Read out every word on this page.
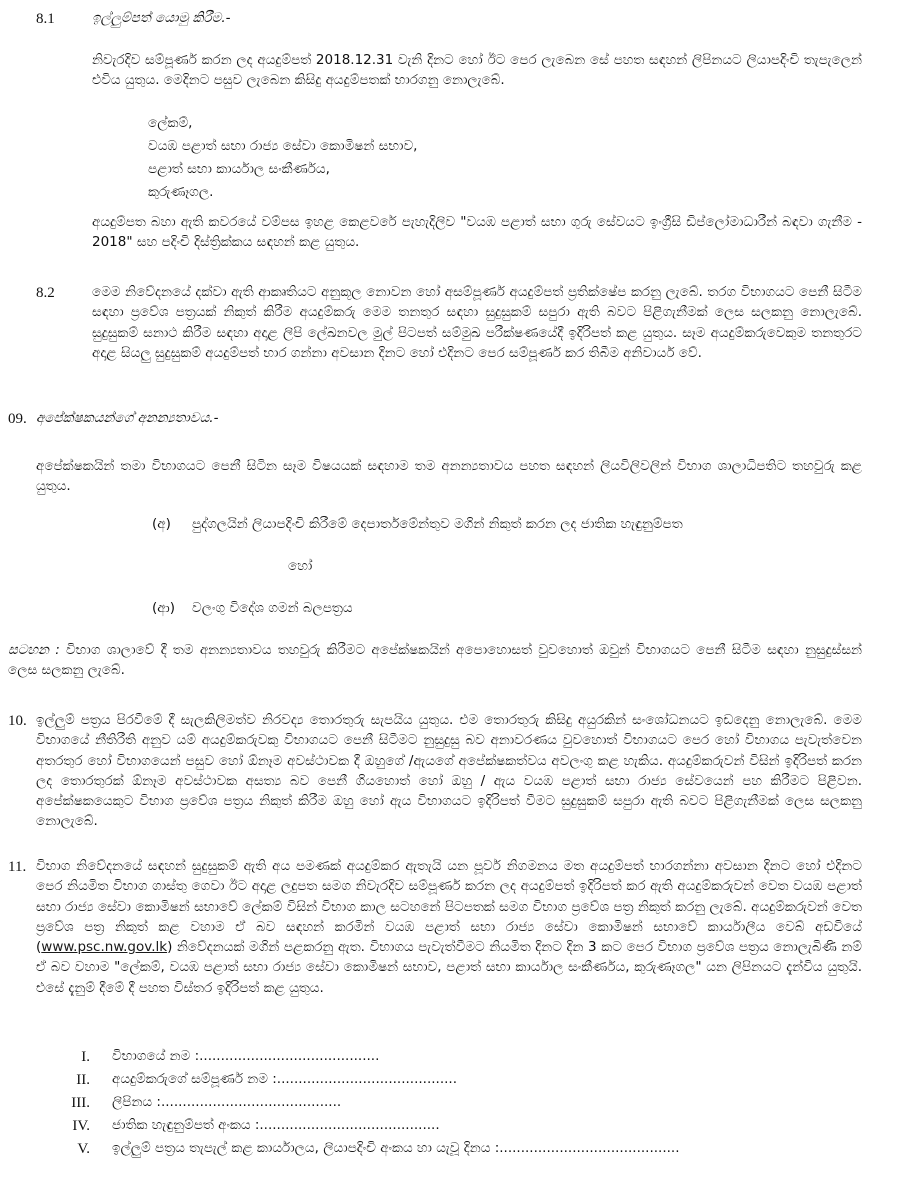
8.1	ඉල්ලුම්පත් යොමු කිරීම.-
නිවැරදිව සම්පූර්ණ කරන ලද අයදුම්පත් 2018.12.31 වැනි දිනට හෝ ඊට පෙර ලැබෙන සේ පහත සඳහන් ලිපිනයට ලියාපදිංචි තැපැලෙන් එවිය යුතුය. මෙදිනට පසුව ලැබෙන කිසිදු අයදුම්පතක් භාරගනු නොලැබේ.
ලේකම්,
වයඹ පළාත් සභා රාජ්‍ය සේවා කොමිෂන් සභාව,
පළාත් සභා කාර්යාල සංකීර්ණය,
කුරුණෑගල.
අයදුම්පත බහා ඇති කවරයේ වම්පස ඉහළ කෙළවරේ පැහැදිලිව "වයඹ පළාත් සභා ගුරු සේවයට ඉංග්‍රීසි ඩිප්ලෝමාධාරීන් බඳවා ගැනීම - 2018" සහ පදිංචි දිස්ත්‍රික්කය සඳහන් කළ යුතුය.
8.2	මෙම නිවේදනයේ දක්වා ඇති ආකෘතියට අනුකූල නොවන හෝ අසම්පූර්ණ අයදුම්පත් ප්‍රතික්ෂේප කරනු ලැබේ. තරග විභාගයට පෙනී සිටීම සඳහා ප්‍රවේශ පත්‍රයක් නිකුත් කිරීම අයදුම්කරු මෙම තනතුර සඳහා සුදුසුකම් සපුරා ඇති බවට පිළිගැනීමක් ලෙස සලකනු නොලැබේ. සුදුසුකම් සනාථ කිරීම සඳහා අදාළ ලිපි ලේඛනවල මුල් පිටපත් සම්මුඛ පරීක්ෂණයේදී ඉදිරිපත් කළ යුතුය. සෑම අයදුම්කරුවෙකුම තනතුරට අදාළ සියලු සුදුසුකම් අයදුම්පත් භාර ගන්නා අවසාන දිනට හෝ එදිනට පෙර සම්පූර්ණ කර තිබීම අනිවාර්ය වේ.
09. අපේක්ෂකයන්ගේ අනන්‍යතාවය.-
අපේක්ෂකයින් තමා විභාගයට පෙනී සිටින සෑම විෂයයක් සඳහාම තම අනන්‍යතාවය පහත සඳහන් ලියවිලිවලින් විභාග ශාලාධිපතිට තහවුරු කළ යුතුය.
(අ) පුද්ගලයින් ලියාපදිංචි කිරීමේ දෙපාර්තමේන්තුව මගින් නිකුත් කරන ලද ජාතික හැඳුනුම්පත
හෝ
(ආ) වලංගු විදේශ ගමන් බලපත්‍රය
සටහන : විභාග ශාලාවේ දී තම අනන්‍යතාවය තහවුරු කිරීමට අපේක්ෂකයින් අපොහොසත් වුවහොත් ඔවුන් විභාගයට පෙනී සිටීම සඳහා නුසුදුස්සන් ලෙස සලකනු ලැබේ.
10. ඉල්ලුම් පත්‍රය පිරවීමේ දී සැලකිලිමත්ව නිරවද්‍ය තොරතුරු සැපයිය යුතුය. එම තොරතුරු කිසිදු අයුරකින් සංශෝධනයට ඉඩදෙනු නොලැබේ. මෙම විභාගයේ නීතිරීති අනුව යම් අයදුම්කරුවකු විභාගයට පෙනී සිටීමට නුසුදුසු බව අනාවරණය වුවහොත් විභාගයට පෙර හෝ විභාගය පැවැත්වෙන අතරතුර හෝ විභාගයෙන් පසුව හෝ ඕනෑම අවස්ථාවක දී ඔහුගේ /ඇයගේ අපේක්ෂකත්වය අවලංගු කළ හැකිය. අයදුම්කරුවන් විසින් ඉදිරිපත් කරන ලද තොරතුරක් ඕනෑම අවස්ථාවක අසත්‍ය බව පෙනී ගියහොත් හෝ ඔහු / ඇය වයඹ පළාත් සභා රාජ්‍ය සේවයෙන් පහ කිරීමට පිළිවන. අපේක්ෂකයෙකුට විභාග ප්‍රවේශ පත්‍රය නිකුත් කිරීම ඔහු හෝ ඇය විභාගයට ඉදිරිපත් වීමට සුදුසුකම් සපුරා ඇති බවට පිළිගැනීමක් ලෙස සලකනු නොලැබේ.
11. විභාග නිවේදනයේ සඳහන් සුදුසුකම් ඇති අය පමණක් අයදුම්කර ඇතැයි යන පූර්ව නිගමනය මත අයදුම්පත් භාරගන්නා අවසාන දිනට හෝ එදිනට පෙර නියමිත විභාග ගාස්තු ගෙවා ඊට අදාළ ලදුපත සමග නිවැරදිව සම්පූර්ණ කරන ලද අයදුම්පත් ඉදිරිපත් කර ඇති අයදුම්කරුවන් වෙත වයඹ පළාත් සභා රාජ්‍ය සේවා කොමිෂන් සභාවේ ලේකම් විසින් විභාග කාල සටහනේ පිටපතක් සමග විභාග ප්‍රවේශ පත්‍ර නිකුත් කරනු ලැබේ. අයදුම්කරුවන් වෙත ප්‍රවේශ පත්‍ර නිකුත් කළ වහාම ඒ බව සඳහන් කරමින් වයඹ පළාත් සභා රාජ්‍ය සේවා කොමිෂන් සභාවේ කාර්යාලීය වෙබ් අඩවියේ (www.psc.nw.gov.lk) නිවේදනයක් මගින් පළකරනු ඇත. විභාගය පැවැත්වීමට නියමිත දිනට දින 3 කට පෙර විභාග ප්‍රවේශ පත්‍රය නොලැබිණි නම් ඒ බව වහාම "ලේකම්, වයඹ පළාත් සභා රාජ්‍ය සේවා කොමිෂන් සභාව, පළාත් සභා කාර්යාල සංකීර්ණය, කුරුණෑගල" යන ලිපිනයට දැන්විය යුතුයි. එසේ දැනුම් දීමේ දී පහත විස්තර ඉදිරිපත් කළ යුතුය.
I. විභාගයේ නම :..........................................
II. අයදුම්කරුගේ සම්පූර්ණ නම :..........................................
III. ලිපිනය :..........................................
IV. ජාතික හැඳුනුම්පත් අංකය :..........................................
V. ඉල්ලුම් පත්‍රය තැපැල් කළ කාර්යාලය, ලියාපදිංචි අංකය හා යැවූ දිනය :..........................................
